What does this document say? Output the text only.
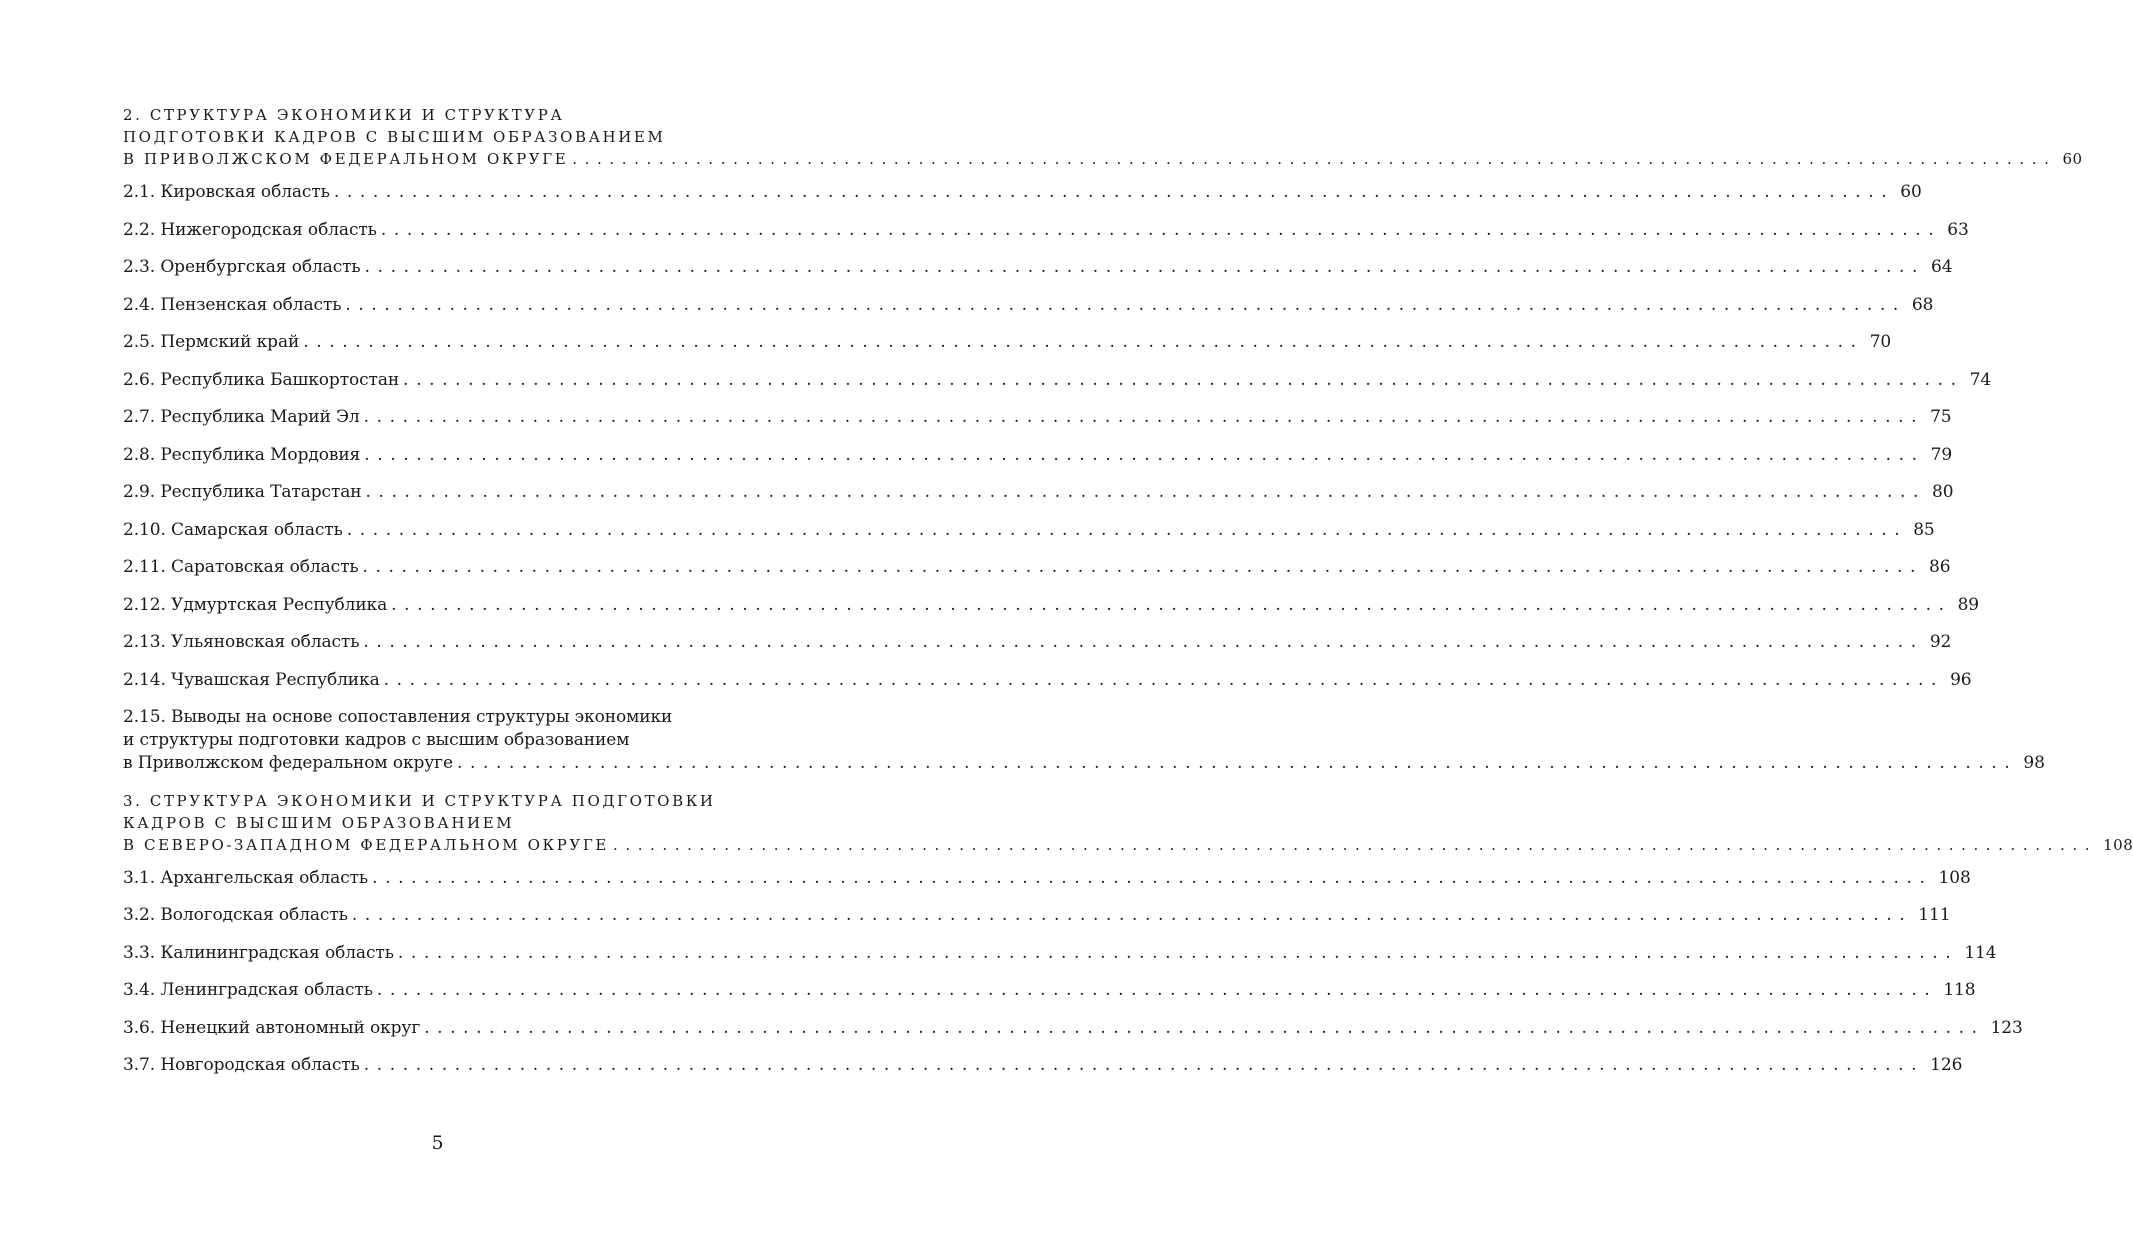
2. СТРУКТУРА ЭКОНОМИКИ И СТРУКТУРА
ПОДГОТОВКИ КАДРОВ С ВЫСШИМ ОБРАЗОВАНИЕМ
В ПРИВОЛЖСКОМ ФЕДЕРАЛЬНОМ ОКРУГЕ ........................................................................................................................ 60
2.1. Кировская область ........................................................................................................................ 60
2.2. Нижегородская область ........................................................................................................................ 63
2.3. Оренбургская область ........................................................................................................................ 64
2.4. Пензенская область ........................................................................................................................ 68
2.5. Пермский край ........................................................................................................................ 70
2.6. Республика Башкортостан ........................................................................................................................ 74
2.7. Республика Марий Эл ........................................................................................................................ 75
2.8. Республика Мордовия ........................................................................................................................ 79
2.9. Республика Татарстан ........................................................................................................................ 80
2.10. Самарская область ........................................................................................................................ 85
2.11. Саратовская область ........................................................................................................................ 86
2.12. Удмуртская Республика ........................................................................................................................ 89
2.13. Ульяновская область ........................................................................................................................ 92
2.14. Чувашская Республика ........................................................................................................................ 96
2.15. Выводы на основе сопоставления структуры экономики
и структуры подготовки кадров с высшим образованием
в Приволжском федеральном округе ........................................................................................................................ 98
3. СТРУКТУРА ЭКОНОМИКИ И СТРУКТУРА ПОДГОТОВКИ
КАДРОВ С ВЫСШИМ ОБРАЗОВАНИЕМ
В СЕВЕРО-ЗАПАДНОМ ФЕДЕРАЛЬНОМ ОКРУГЕ ........................................................................................................................ 108
3.1. Архангельская область ........................................................................................................................ 108
3.2. Вологодская область ........................................................................................................................ 111
3.3. Калининградская область ........................................................................................................................ 114
3.4. Ленинградская область ........................................................................................................................ 118
3.6. Ненецкий автономный округ ........................................................................................................................ 123
3.7. Новгородская область ........................................................................................................................ 126
5
